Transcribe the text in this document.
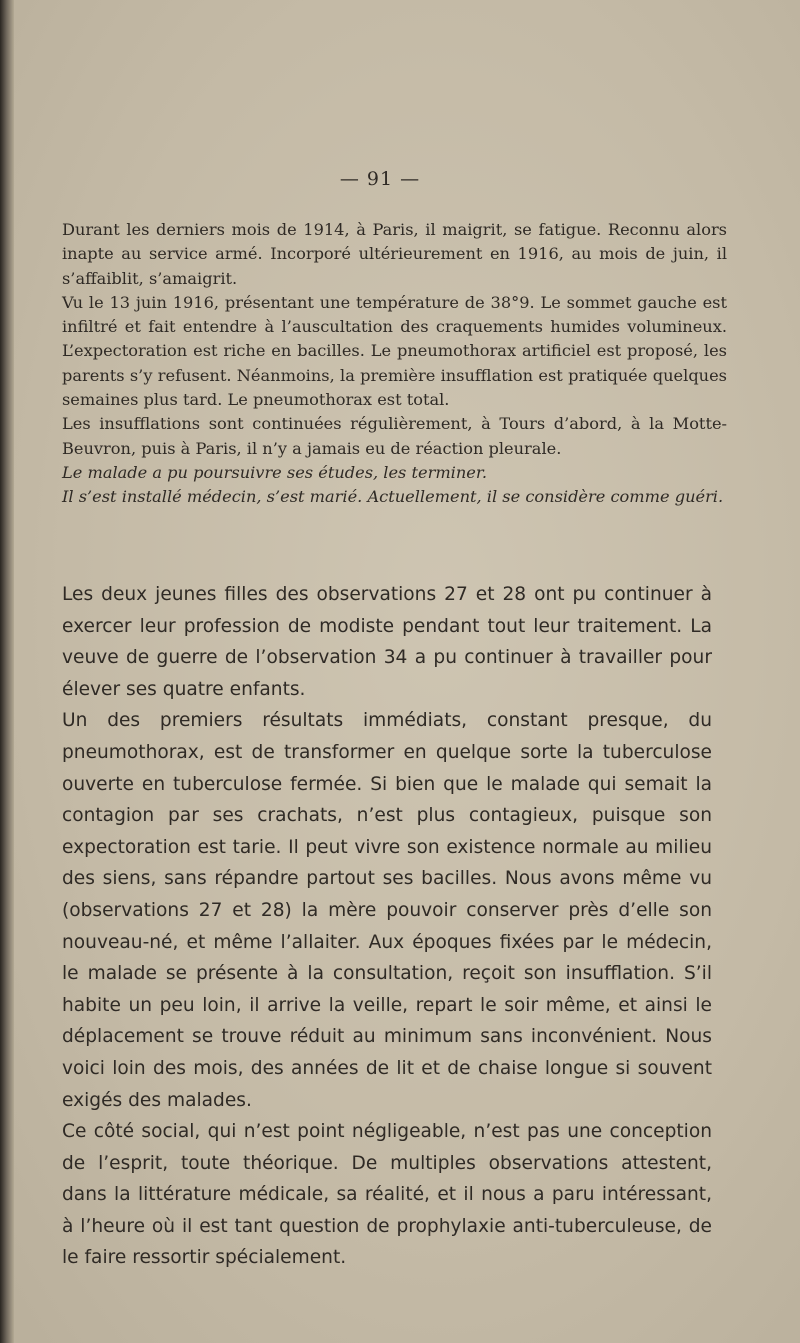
— 91 —

Durant les derniers mois de 1914, à Paris, il maigrit, se fatigue. Reconnu alors inapte au service armé. Incorporé ultérieurement en 1916, au mois de juin, il s’affaiblit, s’amaigrit.

Vu le 13 juin 1916, présentant une température de 38°9. Le sommet gauche est infiltré et fait entendre à l’auscultation des craquements humides volumineux. L’expectoration est riche en bacilles. Le pneumothorax artificiel est proposé, les parents s’y refusent. Néanmoins, la première insufflation est pratiquée quelques semaines plus tard. Le pneumothorax est total.

Les insufflations sont continuées régulièrement, à Tours d’abord, à la Motte-Beuvron, puis à Paris, il n’y a jamais eu de réaction pleurale.

Le malade a pu poursuivre ses études, les terminer.

Il s’est installé médecin, s’est marié. Actuellement, il se considère comme guéri.

Les deux jeunes filles des observations 27 et 28 ont pu continuer à exercer leur profession de modiste pendant tout leur traitement. La veuve de guerre de l’observation 34 a pu continuer à travailler pour élever ses quatre enfants.

Un des premiers résultats immédiats, constant presque, du pneumothorax, est de transformer en quelque sorte la tuberculose ouverte en tuberculose fermée. Si bien que le malade qui semait la contagion par ses crachats, n’est plus contagieux, puisque son expectoration est tarie. Il peut vivre son existence normale au milieu des siens, sans répandre partout ses bacilles. Nous avons même vu (observations 27 et 28) la mère pouvoir conserver près d’elle son nouveau-né, et même l’allaiter. Aux époques fixées par le médecin, le malade se présente à la consultation, reçoit son insufflation. S’il habite un peu loin, il arrive la veille, repart le soir même, et ainsi le déplacement se trouve réduit au minimum sans inconvénient. Nous voici loin des mois, des années de lit et de chaise longue si souvent exigés des malades.

Ce côté social, qui n’est point négligeable, n’est pas une conception de l’esprit, toute théorique. De multiples observations attestent, dans la littérature médicale, sa réalité, et il nous a paru intéressant, à l’heure où il est tant question de prophylaxie anti-tuberculeuse, de le faire ressortir spécialement.
